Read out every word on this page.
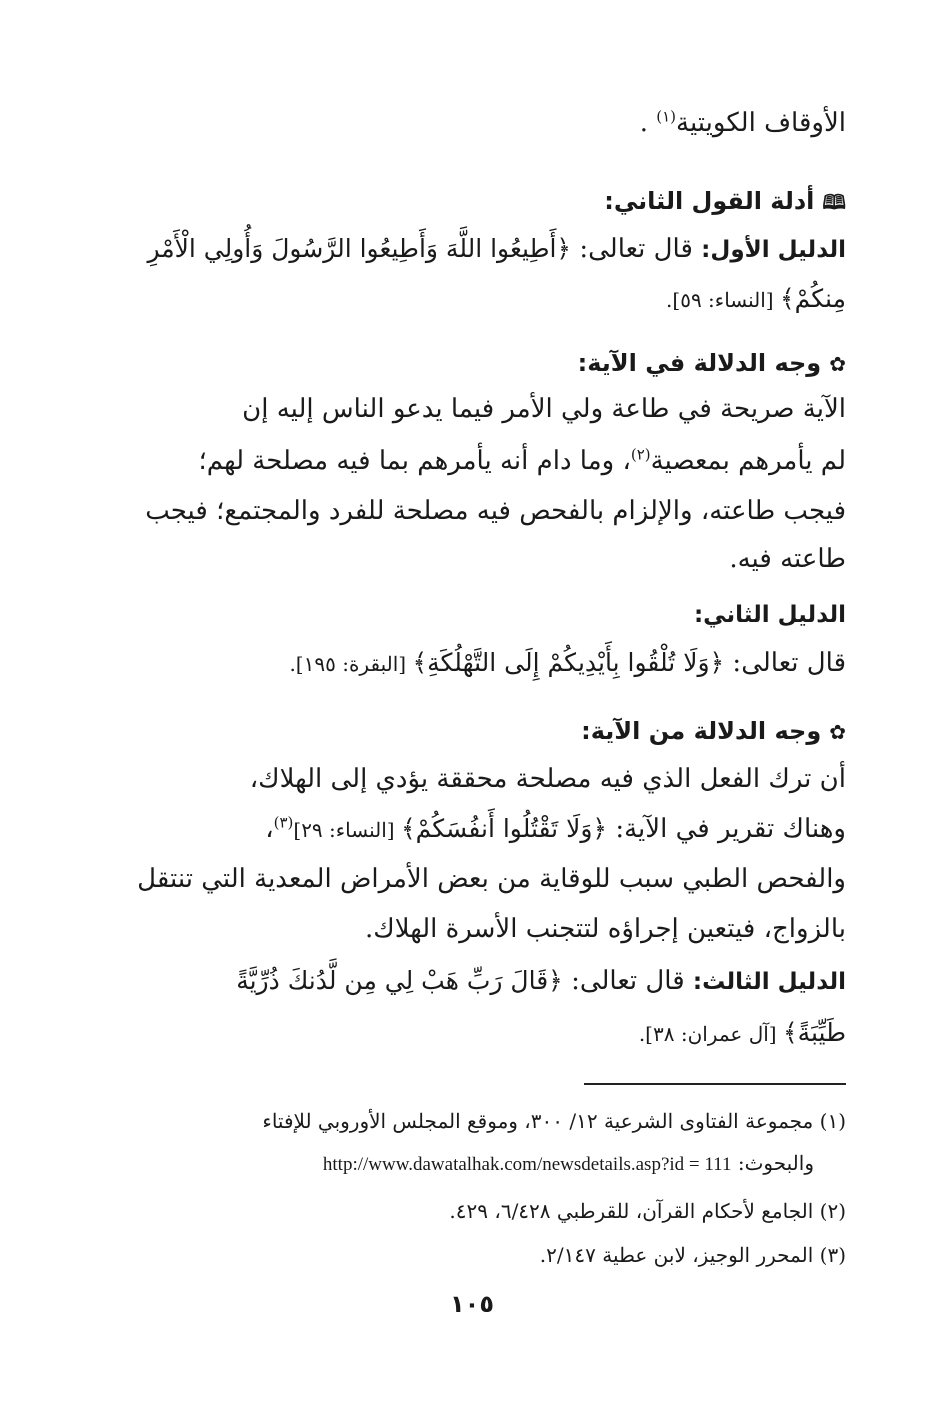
الأوقاف الكويتية$^{(١)}$ .
🕮أدلة القول الثاني:
الدليل الأول: قال تعالى: ﴿أَطِيعُوا اللَّهَ وَأَطِيعُوا الرَّسُولَ وَأُولِي الْأَمْرِ
مِنكُمْ﴾ [النساء: ٥٩].
✿وجه الدلالة في الآية:
الآية صريحة في طاعة ولي الأمر فيما يدعو الناس إليه إن
لم يأمرهم بمعصية$^{(٢)}$، وما دام أنه يأمرهم بما فيه مصلحة لهم؛
فيجب طاعته، والإلزام بالفحص فيه مصلحة للفرد والمجتمع؛ فيجب
طاعته فيه.
الدليل الثاني:
قال تعالى: ﴿وَلَا تُلْقُوا بِأَيْدِيكُمْ إِلَى التَّهْلُكَةِ﴾ [البقرة: ١٩٥].
✿وجه الدلالة من الآية:
أن ترك الفعل الذي فيه مصلحة محققة يؤدي إلى الهلاك،
وهناك تقرير في الآية: ﴿وَلَا تَقْتُلُوا أَنفُسَكُمْ﴾ [النساء: ٢٩]$^{(٣)}$،
والفحص الطبي سبب للوقاية من بعض الأمراض المعدية التي تنتقل
بالزواج، فيتعين إجراؤه لتتجنب الأسرة الهلاك.
الدليل الثالث: قال تعالى: ﴿قَالَ رَبِّ هَبْ لِي مِن لَّدُنكَ ذُرِّيَّةً
طَيِّبَةً﴾ [آل عمران: ٣٨].
(١) مجموعة الفتاوى الشرعية ١٢/ ٣٠٠، وموقع المجلس الأوروبي للإفتاء
والبحوث: http://www.dawatalhak.com/newsdetails.asp?id = 111
(٢) الجامع لأحكام القرآن، للقرطبي ٦/٤٢٨، ٤٢٩.
(٣) المحرر الوجيز، لابن عطية ٢/١٤٧.
١٠٥
